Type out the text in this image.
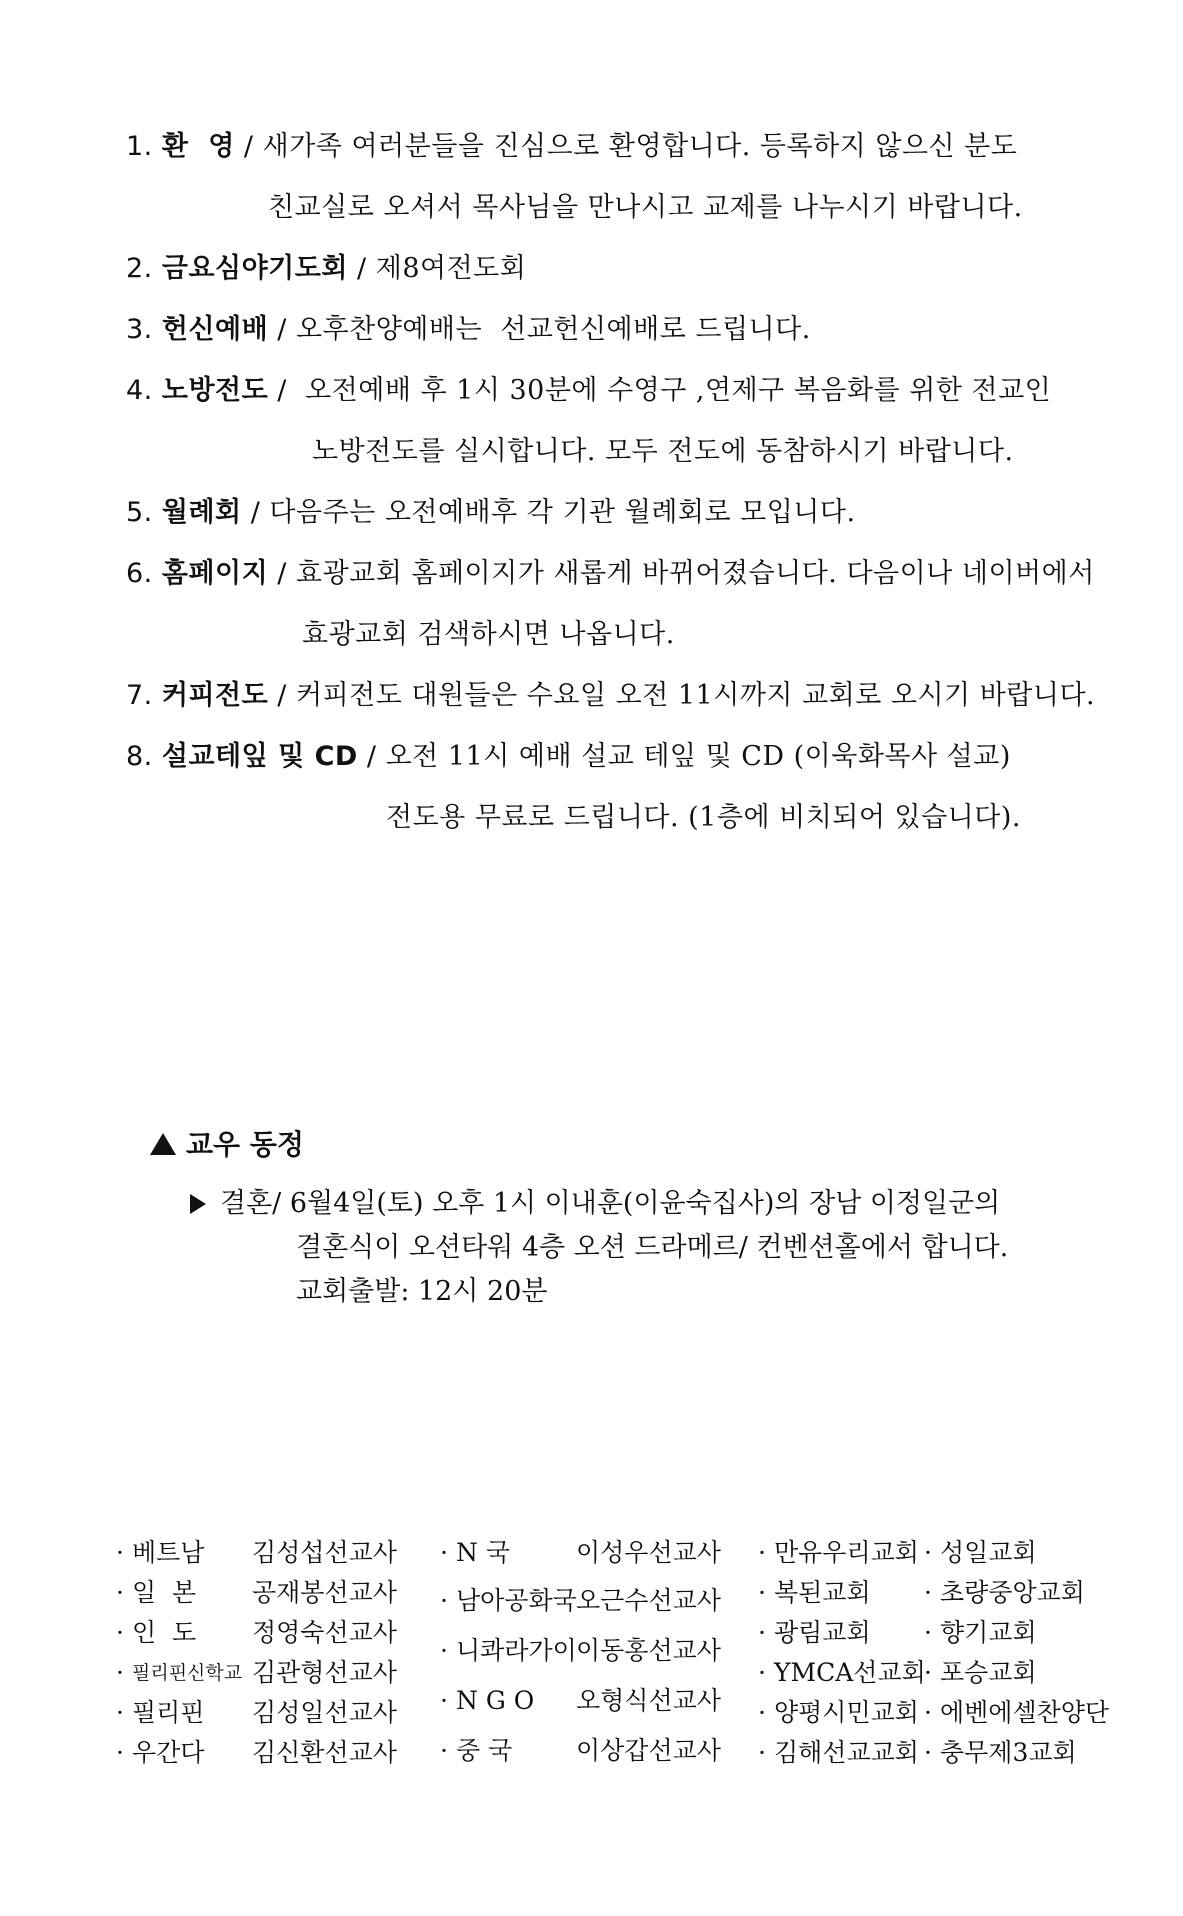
1. 환  영 / 새가족 여러분들을 진심으로 환영합니다. 등록하지 않으신 분도
친교실로 오셔서 목사님을 만나시고 교제를 나누시기 바랍니다.
2. 금요심야기도회 / 제8여전도회
3. 헌신예배 / 오후찬양예배는  선교헌신예배로 드립니다.
4. 노방전도 /  오전예배 후 1시 30분에 수영구 ,연제구 복음화를 위한 전교인
노방전도를 실시합니다. 모두 전도에 동참하시기 바랍니다.
5. 월례회 / 다음주는 오전예배후 각 기관 월례회로 모입니다.
6. 홈페이지 / 효광교회 홈페이지가 새롭게 바뀌어졌습니다. 다음이나 네이버에서
효광교회 검색하시면 나옵니다.
7. 커피전도 / 커피전도 대원들은 수요일 오전 11시까지 교회로 오시기 바랍니다.
8. 설교테잎 및 CD / 오전 11시 예배 설교 테잎 및 CD (이욱화목사 설교)
전도용 무료로 드립니다. (1층에 비치되어 있습니다).
교우 동정
결혼/ 6월4일(토) 오후 1시 이내훈(이윤숙집사)의 장남 이정일군의
결혼식이 오션타워 4층 오션 드라메르/ 컨벤션홀에서 합니다.
교회출발: 12시 20분
· 베트남 김성섭선교사
· 일  본 공재봉선교사
· 인  도 정영숙선교사
· 필리핀신학교 김관형선교사
· 필리핀 김성일선교사
· 우간다 김신환선교사
· N 국	이성우선교사
· 남아공화국 오근수선교사
· 니콰라가이 이동홍선교사
· N G O 오형식선교사
· 중 국	이상갑선교사
· 만유우리교회 · 성일교회
· 복된교회 · 초량중앙교회
· 광림교회 · 향기교회
· YMCA선교회
· 포승교회
· 양평시민교회 · 에벤에셀찬양단
· 김해선교교회 · 충무제3교회
